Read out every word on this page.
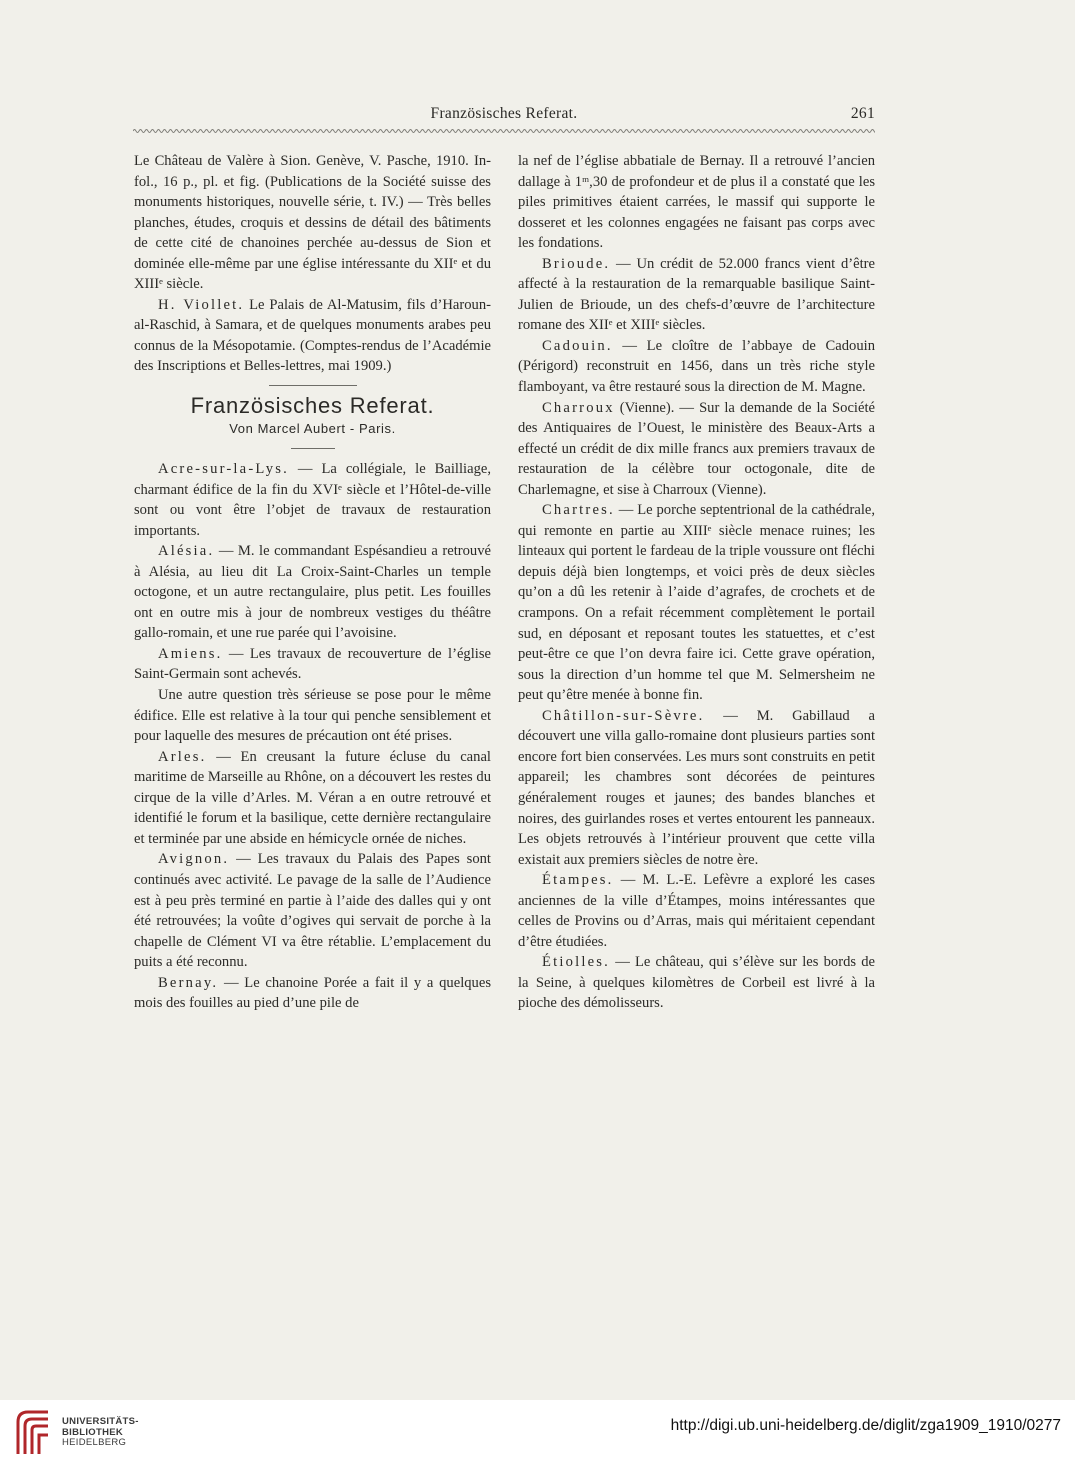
Französisches Referat.	261

Le Château de Valère à Sion. Genève, V. Pasche, 1910. In-fol., 16 p., pl. et fig. (Publications de la Société suisse des monuments historiques, nouvelle série, t. IV.) — Très belles planches, études, croquis et dessins de détail des bâtiments de cette cité de chanoines perchée au-dessus de Sion et dominée elle-même par une église intéressante du XIIᵉ et du XIIIᵉ siècle.

H. Viollet. Le Palais de Al-Matusim, fils d’Haroun-al-Raschid, à Samara, et de quelques monuments arabes peu connus de la Mésopotamie. (Comptes-rendus de l’Académie des Inscriptions et Belles-lettres, mai 1909.)

Französisches Referat.
Von Marcel Aubert - Paris.

Acre-sur-la-Lys. — La collégiale, le Bailliage, charmant édifice de la fin du XVIᵉ siècle et l’Hôtel-de-ville sont ou vont être l’objet de travaux de restauration importants.

Alésia. — M. le commandant Espésandieu a retrouvé à Alésia, au lieu dit La Croix-Saint-Charles un temple octogone, et un autre rectangulaire, plus petit. Les fouilles ont en outre mis à jour de nombreux vestiges du théâtre gallo-romain, et une rue parée qui l’avoisine.

Amiens. — Les travaux de recouverture de l’église Saint-Germain sont achevés.

Une autre question très sérieuse se pose pour le même édifice. Elle est relative à la tour qui penche sensiblement et pour laquelle des mesures de précaution ont été prises.

Arles. — En creusant la future écluse du canal maritime de Marseille au Rhône, on a découvert les restes du cirque de la ville d’Arles. M. Véran a en outre retrouvé et identifié le forum et la basilique, cette dernière rectangulaire et terminée par une abside en hémicycle ornée de niches.

Avignon. — Les travaux du Palais des Papes sont continués avec activité. Le pavage de la salle de l’Audience est à peu près terminé en partie à l’aide des dalles qui y ont été retrouvées; la voûte d’ogives qui servait de porche à la chapelle de Clément VI va être rétablie. L’emplacement du puits a été reconnu.

Bernay. — Le chanoine Porée a fait il y a quelques mois des fouilles au pied d’une pile de

la nef de l’église abbatiale de Bernay. Il a retrouvé l’ancien dallage à 1ᵐ,30 de profondeur et de plus il a constaté que les piles primitives étaient carrées, le massif qui supporte le dosseret et les colonnes engagées ne faisant pas corps avec les fondations.

Brioude. — Un crédit de 52.000 francs vient d’être affecté à la restauration de la remarquable basilique Saint-Julien de Brioude, un des chefs-d’œuvre de l’architecture romane des XIIᵉ et XIIIᵉ siècles.

Cadouin. — Le cloître de l’abbaye de Cadouin (Périgord) reconstruit en 1456, dans un très riche style flamboyant, va être restauré sous la direction de M. Magne.

Charroux (Vienne). — Sur la demande de la Société des Antiquaires de l’Ouest, le ministère des Beaux-Arts a effecté un crédit de dix mille francs aux premiers travaux de restauration de la célèbre tour octogonale, dite de Charlemagne, et sise à Charroux (Vienne).

Chartres. — Le porche septentrional de la cathédrale, qui remonte en partie au XIIIᵉ siècle menace ruines; les linteaux qui portent le fardeau de la triple voussure ont fléchi depuis déjà bien longtemps, et voici près de deux siècles qu’on a dû les retenir à l’aide d’agrafes, de crochets et de crampons. On a refait récemment complètement le portail sud, en déposant et reposant toutes les statuettes, et c’est peut-être ce que l’on devra faire ici. Cette grave opération, sous la direction d’un homme tel que M. Selmersheim ne peut qu’être menée à bonne fin.

Châtillon-sur-Sèvre. — M. Gabillaud a découvert une villa gallo-romaine dont plusieurs parties sont encore fort bien conservées. Les murs sont construits en petit appareil; les chambres sont décorées de peintures généralement rouges et jaunes; des bandes blanches et noires, des guirlandes roses et vertes entourent les panneaux. Les objets retrouvés à l’intérieur prouvent que cette villa existait aux premiers siècles de notre ère.

Étampes. — M. L.-E. Lefèvre a exploré les cases anciennes de la ville d’Étampes, moins intéressantes que celles de Provins ou d’Arras, mais qui méritaient cependant d’être étudiées.

Étiolles. — Le château, qui s’élève sur les bords de la Seine, à quelques kilomètres de Corbeil est livré à la pioche des démolisseurs.

UNIVERSITÄTS-
BIBLIOTHEK
HEIDELBERG
http://digi.ub.uni-heidelberg.de/diglit/zga1909_1910/0277
